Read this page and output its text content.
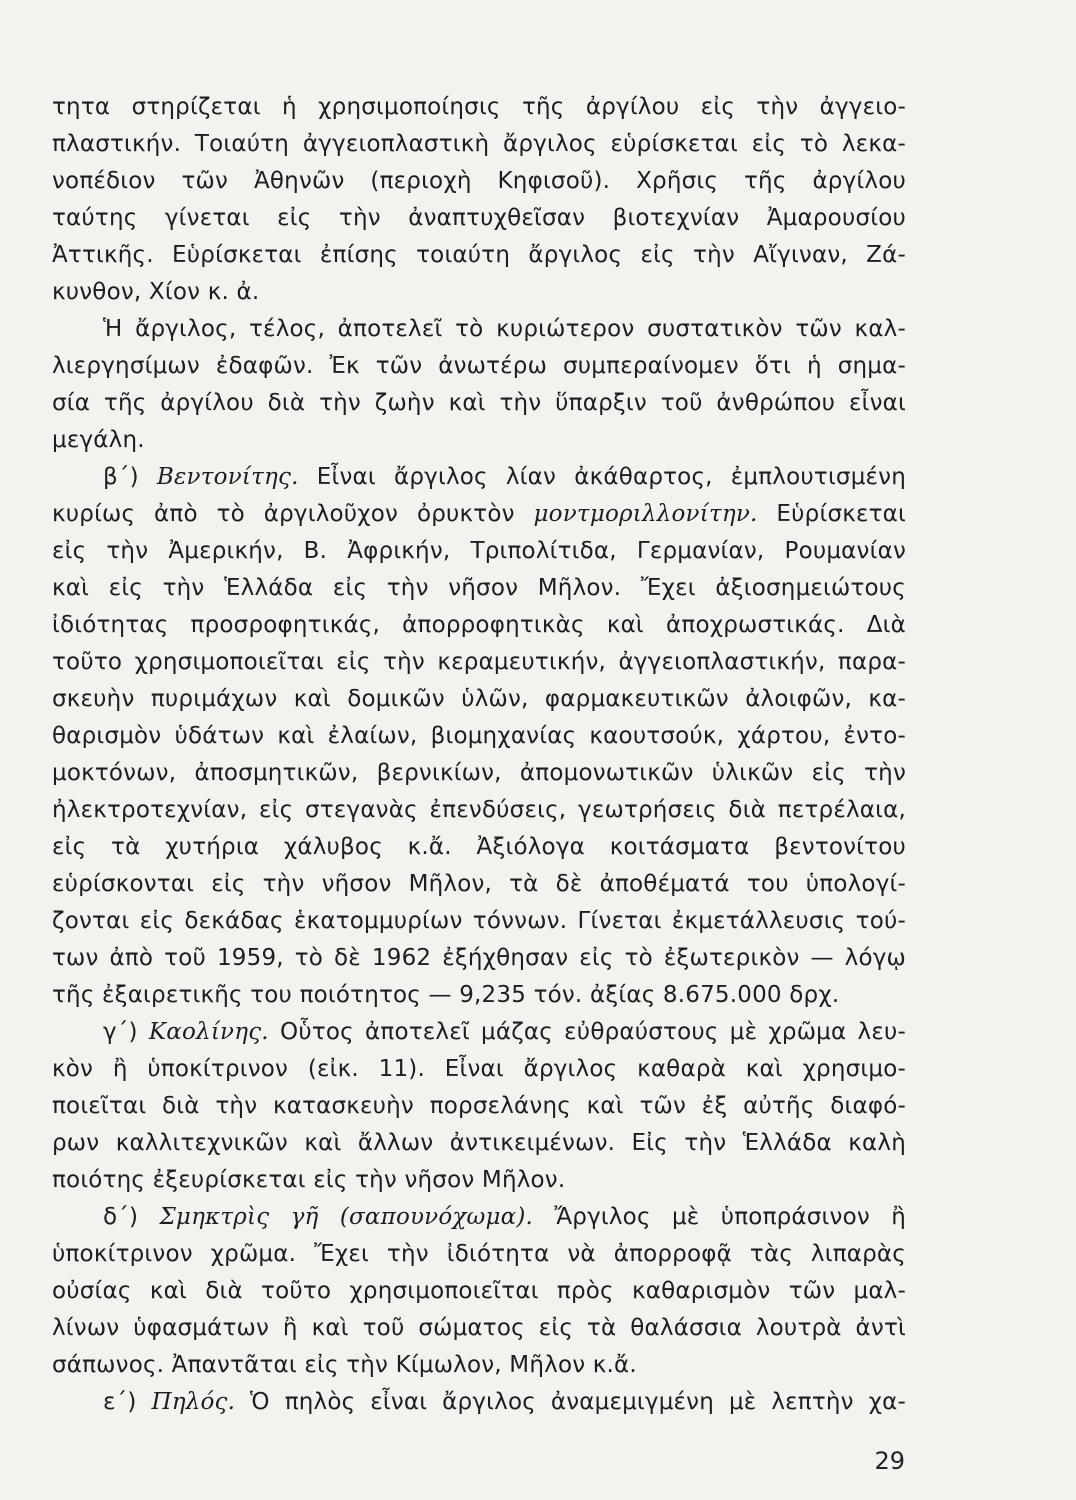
τητα στηρίζεται ἡ χρησιμοποίησις τῆς ἀργίλου εἰς τὴν ἀγγειο-
πλαστικήν. Τοιαύτη ἀγγειοπλαστικὴ ἄργιλος εὑρίσκεται εἰς τὸ λεκα-
νοπέδιον τῶν Ἀθηνῶν (περιοχὴ Κηφισοῦ). Χρῆσις τῆς ἀργίλου
ταύτης γίνεται εἰς τὴν ἀναπτυχθεῖσαν βιοτεχνίαν Ἀμαρουσίου
Ἀττικῆς. Εὑρίσκεται ἐπίσης τοιαύτη ἄργιλος εἰς τὴν Αἴγιναν, Ζά-
κυνθον, Χίον κ. ἀ.
Ἡ ἄργιλος, τέλος, ἀποτελεῖ τὸ κυριώτερον συστατικὸν τῶν καλ-
λιεργησίμων ἐδαφῶν. Ἐκ τῶν ἀνωτέρω συμπεραίνομεν ὅτι ἡ σημα-
σία τῆς ἀργίλου διὰ τὴν ζωὴν καὶ τὴν ὕπαρξιν τοῦ ἀνθρώπου εἶναι
μεγάλη.
β΄) Βεντονίτης. Εἶναι ἄργιλος λίαν ἀκάθαρτος, ἐμπλουτισμένη
κυρίως ἀπὸ τὸ ἀργιλοῦχον ὀρυκτὸν μοντμοριλλονίτην. Εὑρίσκεται
εἰς τὴν Ἀμερικήν, Β. Ἀφρικήν, Τριπολίτιδα, Γερμανίαν, Ρουμανίαν
καὶ εἰς τὴν Ἑλλάδα εἰς τὴν νῆσον Μῆλον. Ἔχει ἀξιοσημειώτους
ἰδιότητας προσροφητικάς, ἀπορροφητικὰς καὶ ἀποχρωστικάς. Διὰ
τοῦτο χρησιμοποιεῖται εἰς τὴν κεραμευτικήν, ἀγγειοπλαστικήν, παρα-
σκευὴν πυριμάχων καὶ δομικῶν ὑλῶν, φαρμακευτικῶν ἀλοιφῶν, κα-
θαρισμὸν ὑδάτων καὶ ἐλαίων, βιομηχανίας καουτσούκ, χάρτου, ἐντο-
μοκτόνων, ἀποσμητικῶν, βερνικίων, ἀπομονωτικῶν ὑλικῶν εἰς τὴν
ἠλεκτροτεχνίαν, εἰς στεγανὰς ἐπενδύσεις, γεωτρήσεις διὰ πετρέλαια,
εἰς τὰ χυτήρια χάλυβος κ.ἄ. Ἀξιόλογα κοιτάσματα βεντονίτου
εὑρίσκονται εἰς τὴν νῆσον Μῆλον, τὰ δὲ ἀποθέματά του ὑπολογί-
ζονται εἰς δεκάδας ἑκατομμυρίων τόννων. Γίνεται ἐκμετάλλευσις τού-
των ἀπὸ τοῦ 1959, τὸ δὲ 1962 ἐξήχθησαν εἰς τὸ ἐξωτερικὸν — λόγῳ
τῆς ἐξαιρετικῆς του ποιότητος — 9,235 τόν. ἀξίας 8.675.000 δρχ.
γ΄) Καολίνης. Οὗτος ἀποτελεῖ μάζας εὐθραύστους μὲ χρῶμα λευ-
κὸν ἢ ὑποκίτρινον (εἰκ. 11). Εἶναι ἄργιλος καθαρὰ καὶ χρησιμο-
ποιεῖται διὰ τὴν κατασκευὴν πορσελάνης καὶ τῶν ἐξ αὐτῆς διαφό-
ρων καλλιτεχνικῶν καὶ ἄλλων ἀντικειμένων. Εἰς τὴν Ἑλλάδα καλὴ
ποιότης ἐξευρίσκεται εἰς τὴν νῆσον Μῆλον.
δ΄) Σμηκτρὶς γῆ (σαπουνόχωμα). Ἄργιλος μὲ ὑποπράσινον ἢ
ὑποκίτρινον χρῶμα. Ἔχει τὴν ἰδιότητα νὰ ἀπορροφᾷ τὰς λιπαρὰς
οὐσίας καὶ διὰ τοῦτο χρησιμοποιεῖται πρὸς καθαρισμὸν τῶν μαλ-
λίνων ὑφασμάτων ἢ καὶ τοῦ σώματος εἰς τὰ θαλάσσια λουτρὰ ἀντὶ
σάπωνος. Ἀπαντᾶται εἰς τὴν Κίμωλον, Μῆλον κ.ἄ.
ε΄) Πηλός. Ὁ πηλὸς εἶναι ἄργιλος ἀναμεμιγμένη μὲ λεπτὴν χα-
29
